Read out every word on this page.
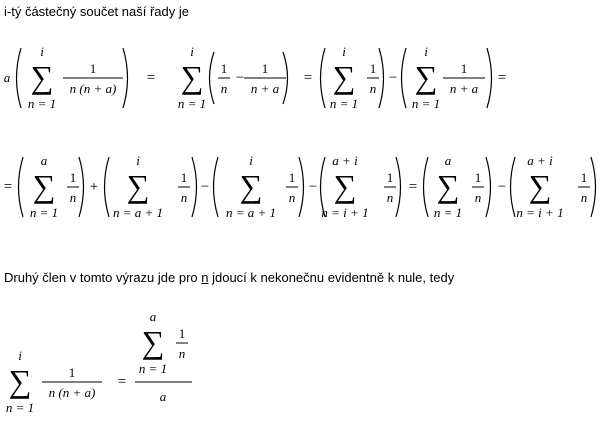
i-tý částečný součet naší řady je
Druhý člen v tomto výrazu jde pro n jdoucí k nekonečnu evidentně k nule, tedy
a ∑
i
n = 1
1
n (n + a)
= ∑
i
n = 1
1
n
−
1
n + a
= ∑
i
n = 1
1
n
− ∑
i
n = 1
1
n + a
=
= ∑
a
n = 1
1
n
+ ∑
i
n = a + 1
1
n
− ∑
i
n = a + 1
1
n
− ∑
a + i
n = i + 1
1
n
= ∑
a
n = 1
1
n
− ∑
a + i
n = i + 1
1
n
∑
i
n = 1
1
n (n + a)
=
∑
a
n = 1
1
n
a
